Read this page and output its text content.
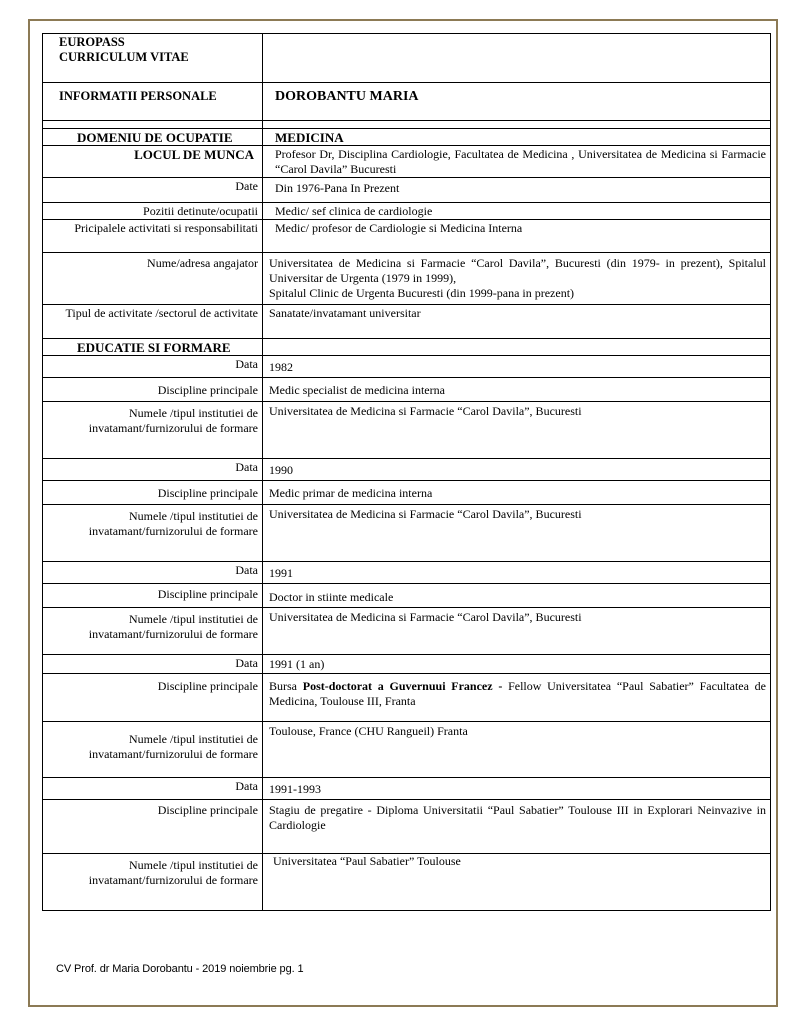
EUROPASS
CURRICULUM VITAE	

INFORMATII PERSONALE	DOROBANTU MARIA

DOMENIU DE OCUPATIE	MEDICINA
LOCUL DE MUNCA	Profesor Dr, Disciplina Cardiologie, Facultatea de Medicina , Universitatea de Medicina si Farmacie “Carol Davila” Bucuresti
Date	Din 1976-Pana In Prezent
Pozitii detinute/ocupatii	Medic/ sef clinica de cardiologie
Pricipalele activitati si responsabilitati	Medic/ profesor de Cardiologie si Medicina Interna
Nume/adresa angajator	Universitatea de Medicina si Farmacie “Carol Davila”, Bucuresti (din 1979- in prezent), Spitalul Universitar de Urgenta (1979 in 1999),
Spitalul Clinic de Urgenta Bucuresti (din 1999-pana in prezent)

Tipul de activitate /sectorul de activitate	Sanatate/invatamant universitar
EDUCATIE SI FORMARE	
Data	1982
Discipline principale	Medic specialist de medicina interna
Numele /tipul institutiei de invatamant/furnizorului de formare	Universitatea de Medicina si Farmacie “Carol Davila”, Bucuresti
Data	1990
Discipline principale	Medic primar de medicina interna
Numele /tipul institutiei de invatamant/furnizorului de formare	Universitatea de Medicina si Farmacie “Carol Davila”, Bucuresti
Data	1991
Discipline principale	Doctor in stiinte medicale
Numele /tipul institutiei de invatamant/furnizorului de formare	Universitatea de Medicina si Farmacie “Carol Davila”, Bucuresti
Data	1991 (1 an)
Discipline principale	Bursa Post-doctorat a Guvernuui Francez - Fellow Universitatea “Paul Sabatier” Facultatea de Medicina, Toulouse III, Franta
Numele /tipul institutiei de invatamant/furnizorului de formare	Toulouse, France (CHU Rangueil) Franta
Data	1991-1993
Discipline principale	Stagiu de pregatire - Diploma Universitatii “Paul Sabatier” Toulouse III in Explorari Neinvazive in Cardiologie
Numele /tipul institutiei de invatamant/furnizorului de formare	Universitatea “Paul Sabatier” Toulouse
CV Prof. dr Maria Dorobantu - 2019 noiembrie pg. 1
